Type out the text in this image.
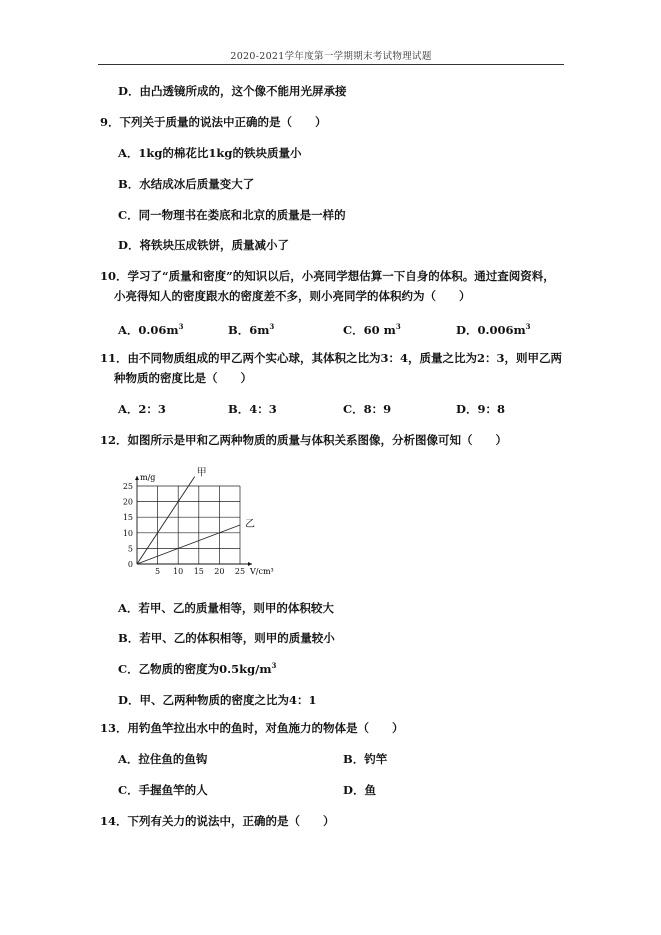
2020-2021学年度第一学期期末考试物理试题
D．由凸透镜所成的，这个像不能用光屏承接
9．下列关于质量的说法中正确的是（　　）
A．1kg的棉花比1kg的铁块质量小
B．水结成冰后质量变大了
C．同一物理书在娄底和北京的质量是一样的
D．将铁块压成铁饼，质量减小了
10．学习了“质量和密度”的知识以后，小亮同学想估算一下自身的体积。通过查阅资料，
小亮得知人的密度跟水的密度差不多，则小亮同学的体积约为（　　）
A．$0.06m^3$	B．$6m^3$	C．60 $m^3$	D．$0.006m^3$
11．由不同物质组成的甲乙两个实心球，其体积之比为3：4，质量之比为2：3，则甲乙两
种物质的密度比是（　　）
A．2：3	B．4：3	C．8：9	D．9：8
12．如图所示是甲和乙两种物质的质量与体积关系图像，分析图像可知（　　）
5 10 15 20 25
0
5
10
15
20
25
甲
乙
m/g
V/cm³
A．若甲、乙的质量相等，则甲的体积较大
B．若甲、乙的体积相等，则甲的质量较小
C．乙物质的密度为$0.5kg/m^3$
D．甲、乙两种物质的密度之比为4：1
13．用钓鱼竿拉出水中的鱼时，对鱼施力的物体是（　　）
A．拉住鱼的鱼钩	B．钓竿
C．手握鱼竿的人	D．鱼
14．下列有关力的说法中，正确的是（　　）
